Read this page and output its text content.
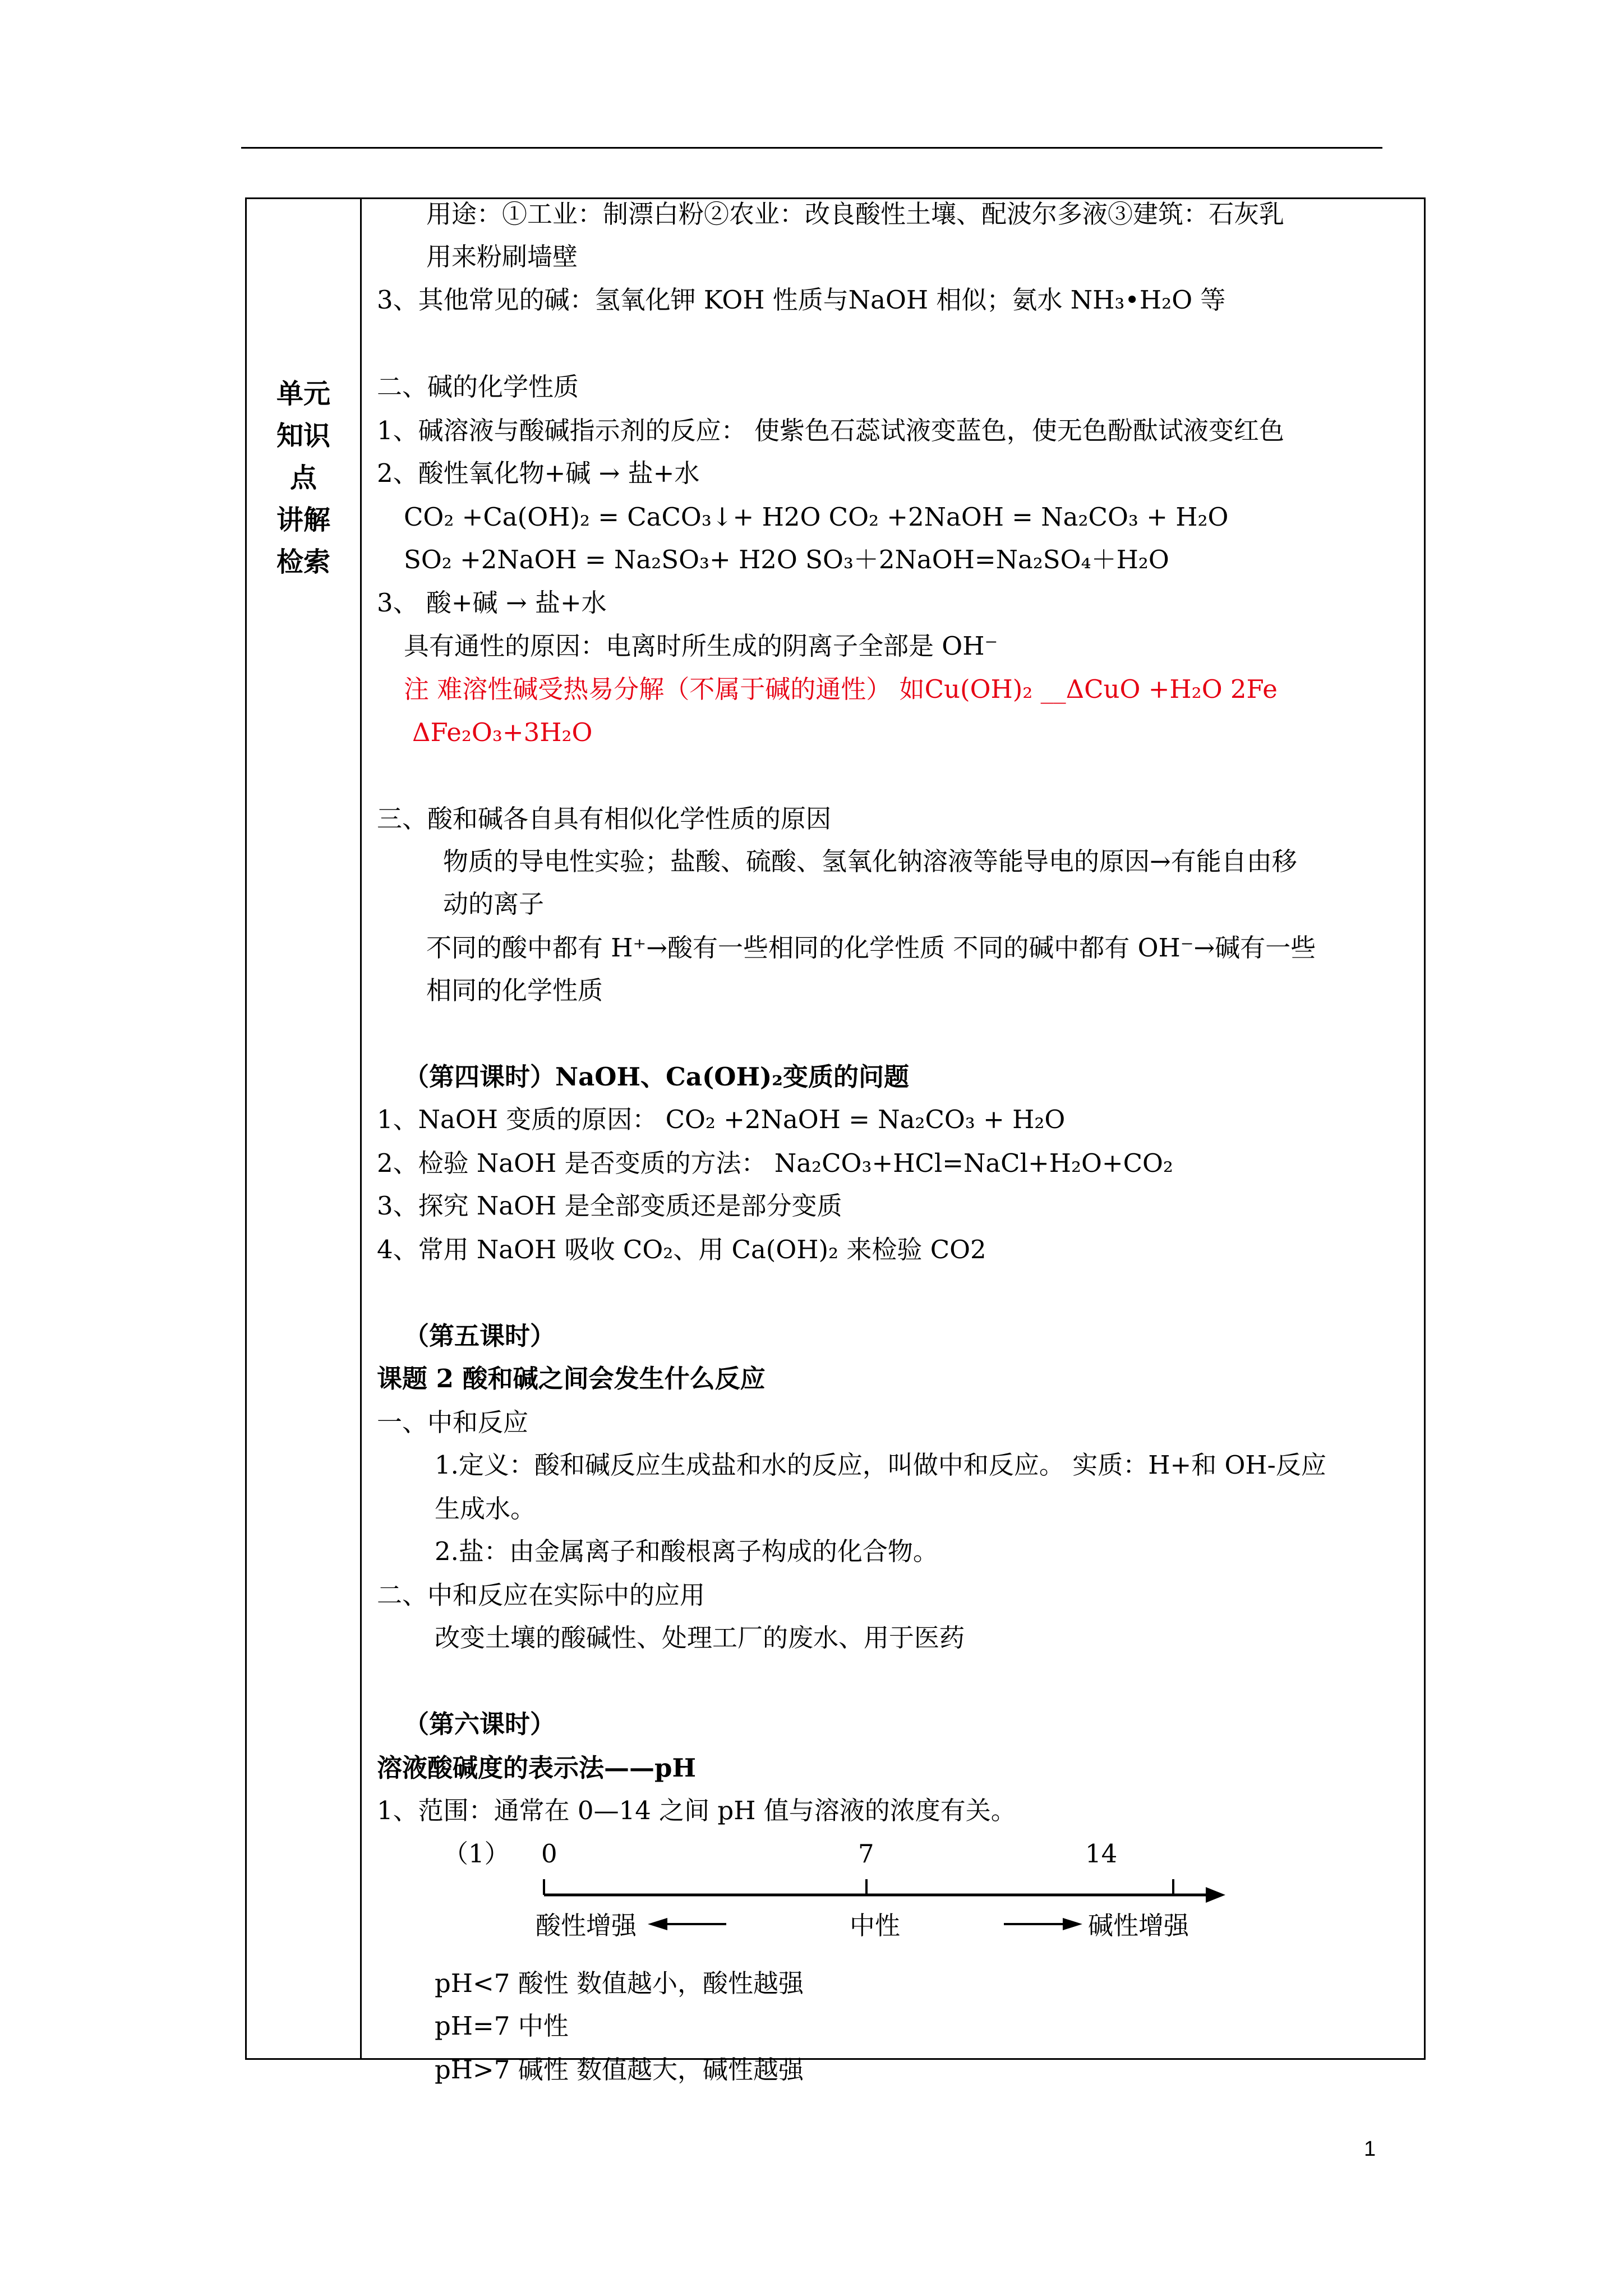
单元
知识
点
讲解
检索
用途：①工业：制漂白粉②农业：改良酸性土壤、配波尔多液③建筑：石灰乳
用来粉刷墙壁
3、其他常见的碱：氢氧化钾 KOH 性质与NaOH 相似；氨水 NH₃•H₂O 等
二、碱的化学性质
1、碱溶液与酸碱指示剂的反应： 使紫色石蕊试液变蓝色，使无色酚酞试液变红色
2、酸性氧化物+碱 → 盐+水
CO₂ +Ca(OH)₂ = CaCO₃↓+ H2O CO₂ +2NaOH = Na₂CO₃ + H₂O
SO₂ +2NaOH = Na₂SO₃+ H2O SO₃＋2NaOH=Na₂SO₄＋H₂O
3、 酸+碱 → 盐+水
具有通性的原因：电离时所生成的阴离子全部是 OH⁻
注 难溶性碱受热易分解（不属于碱的通性） 如Cu(OH)₂ __ΔCuO +H₂O 2Fe
ΔFe₂O₃+3H₂O
三、酸和碱各自具有相似化学性质的原因
物质的导电性实验；盐酸、硫酸、氢氧化钠溶液等能导电的原因→有能自由移
动的离子
不同的酸中都有 H⁺→酸有一些相同的化学性质 不同的碱中都有 OH⁻→碱有一些
相同的化学性质
（第四课时）NaOH、Ca(OH)₂变质的问题
1、NaOH 变质的原因： CO₂ +2NaOH = Na₂CO₃ + H₂O
2、检验 NaOH 是否变质的方法： Na₂CO₃+HCl=NaCl+H₂O+CO₂
3、探究 NaOH 是全部变质还是部分变质
4、常用 NaOH 吸收 CO₂、用 Ca(OH)₂ 来检验 CO2
（第五课时）
课题 2 酸和碱之间会发生什么反应
一、中和反应
1.定义：酸和碱反应生成盐和水的反应，叫做中和反应。 实质：H+和 OH-反应
生成水。
2.盐：由金属离子和酸根离子构成的化合物。
二、中和反应在实际中的应用
改变土壤的酸碱性、处理工厂的废水、用于医药
（第六课时）
溶液酸碱度的表示法——pH
1、范围：通常在 0—14 之间 pH 值与溶液的浓度有关。
pH<7 酸性 数值越小，酸性越强
pH=7 中性
pH>7 碱性 数值越大，碱性越强
（1） 0	7	14
酸性增强	中性	碱性增强
1
